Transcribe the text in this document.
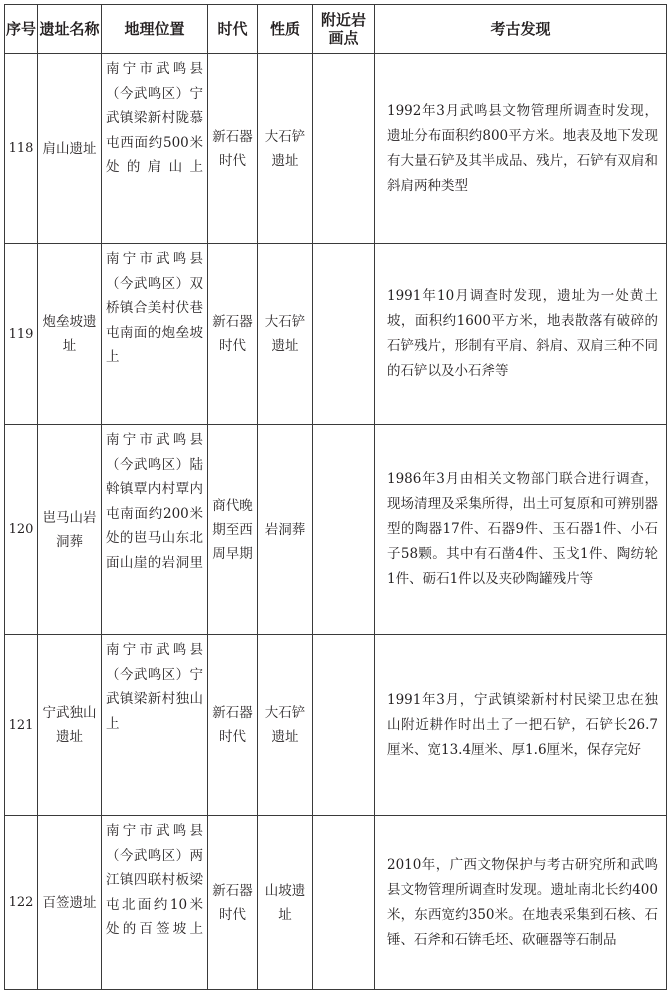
序号	遗址名称	地理位置	时代	性质	附近岩画点	考古发现
118	肩山遗址	南宁市武鸣县（今武鸣区）宁武镇梁新村陇慕屯西面约500米处的肩山上	新石器时代	大石铲遗址		1992年3月武鸣县文物管理所调查时发现，遗址分布面积约800平方米。地表及地下发现有大量石铲及其半成品、残片，石铲有双肩和斜肩两种类型
119	炮垒坡遗址	南宁市武鸣县（今武鸣区）双桥镇合美村伏巷屯南面的炮垒坡上	新石器时代	大石铲遗址		1991年10月调查时发现，遗址为一处黄土坡，面积约1600平方米，地表散落有破碎的石铲残片，形制有平肩、斜肩、双肩三种不同的石铲以及小石斧等
120	岜马山岩洞葬	南宁市武鸣县（今武鸣区）陆斡镇覃内村覃内屯南面约200米处的岜马山东北面山崖的岩洞里	商代晚期至西周早期	岩洞葬		1986年3月由相关文物部门联合进行调查，现场清理及采集所得，出土可复原和可辨别器型的陶器17件、石器9件、玉石器1件、小石子58颗。其中有石凿4件、玉戈1件、陶纺轮1件、砺石1件以及夹砂陶罐残片等
121	宁武独山遗址	南宁市武鸣县（今武鸣区）宁武镇梁新村独山上	新石器时代	大石铲遗址		1991年3月，宁武镇梁新村村民梁卫忠在独山附近耕作时出土了一把石铲，石铲长26.7厘米、宽13.4厘米、厚1.6厘米，保存完好
122	百签遗址	南宁市武鸣县（今武鸣区）两江镇四联村板梁屯北面约10米处的百签坡上	新石器时代	山坡遗址		2010年，广西文物保护与考古研究所和武鸣县文物管理所调查时发现。遗址南北长约400米，东西宽约350米。在地表采集到石核、石锤、石斧和石锛毛坯、砍砸器等石制品
